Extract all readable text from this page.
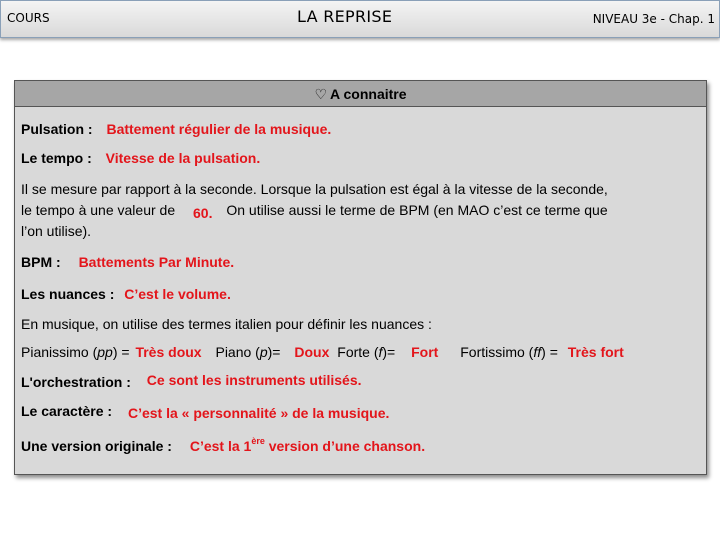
COURS	LA REPRISE	NIVEAU 3e - Chap. 1
♡ A connaitre
Pulsation : Battement régulier de la musique.
Le tempo : Vitesse de la pulsation.
Il se mesure par rapport à la seconde. Lorsque la pulsation est égal à la vitesse de la seconde,
le tempo à une valeur de 60. On utilise aussi le terme de BPM (en MAO c’est ce terme que
l’on utilise).
BPM : Battements Par Minute.
Les nuances : C’est le volume.
En musique, on utilise des termes italien pour définir les nuances :
Pianissimo (pp) = Très doux Piano (p)= Doux Forte (f)= Fort Fortissimo (ff) = Très fort
L'orchestration : Ce sont les instruments utilisés.
Le caractère : C’est la « personnalité » de la musique.
Une version originale : C’est la 1ère version d’une chanson.
